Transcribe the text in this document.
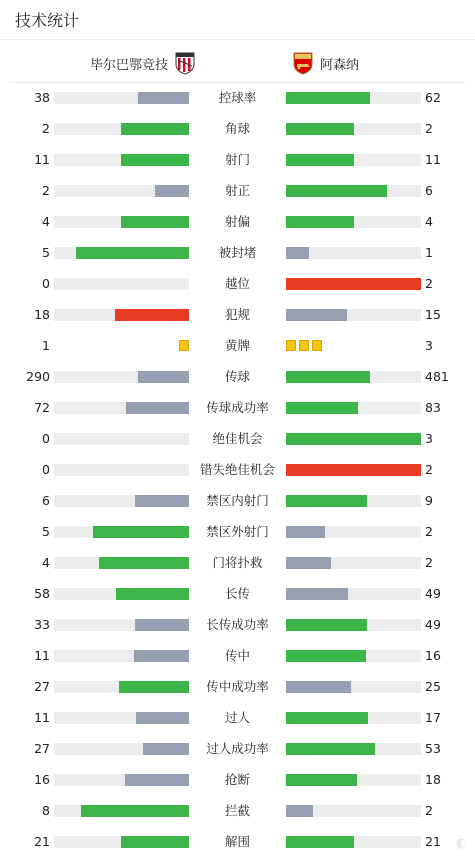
技术统计
毕尔巴鄂竞技	阿森纳
38	控球率	62
2	角球	2
11	射门	11
2	射正	6
4	射偏	4
5	被封堵	1
0	越位	2
18	犯规	15
1	黄牌	3
290	传球	481
72	传球成功率	83
0	绝佳机会	3
0	错失绝佳机会	2
6	禁区内射门	9
5	禁区外射门	2
4	门将扑救	2
58	长传	49
33	长传成功率	49
11	传中	16
27	传中成功率	25
11	过人	17
27	过人成功率	53
16	抢断	18
8	拦截	2
21	解围	21 ◐
